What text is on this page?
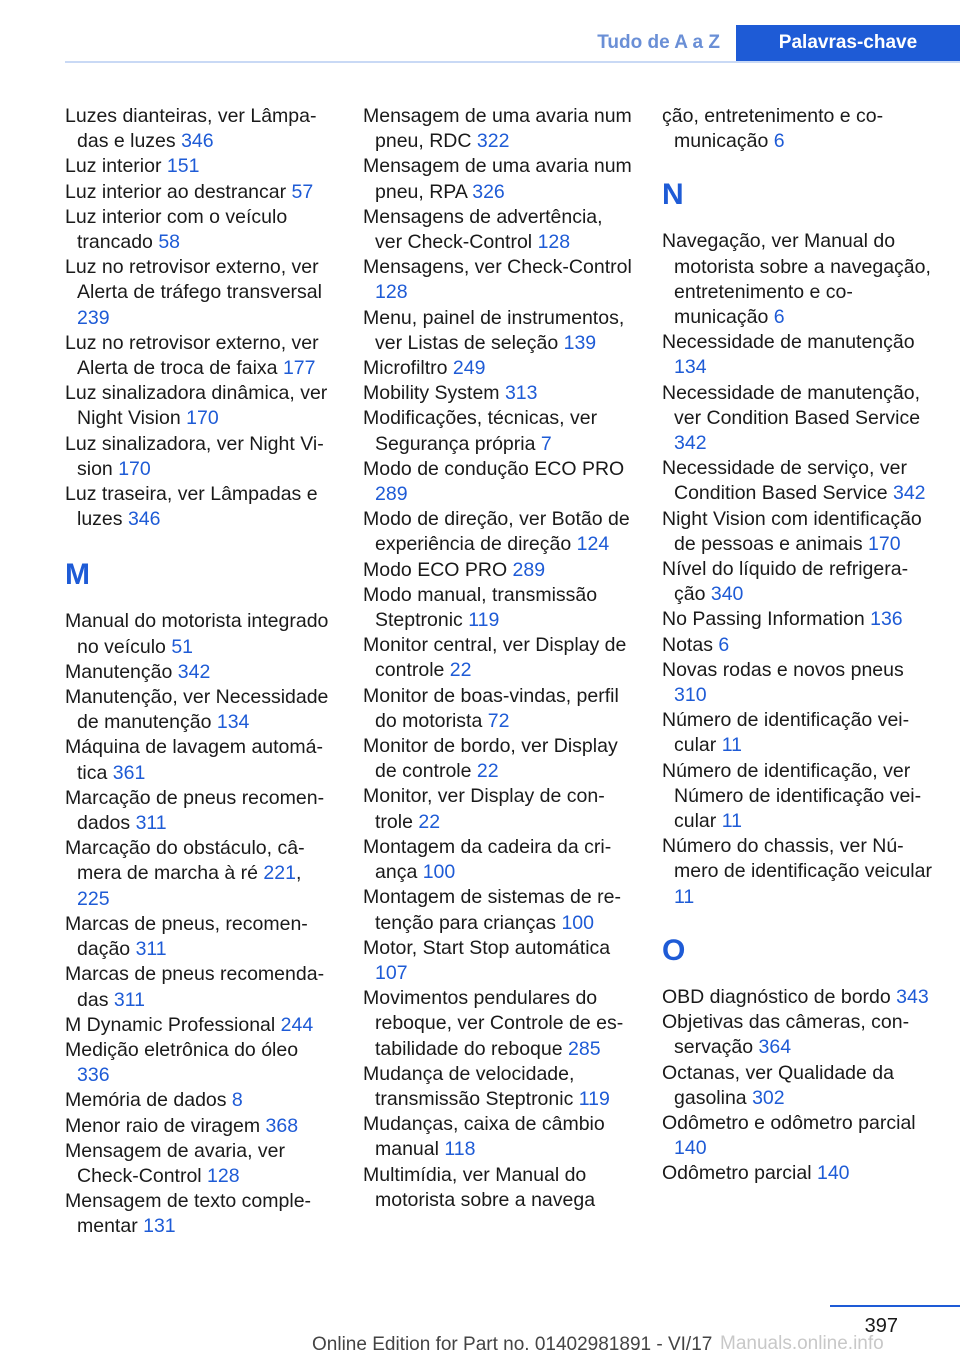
Tudo de A a Z	Palavras-chave
Luzes dianteiras, ver Lâmpadas e luzes 346
Luz interior 151
Luz interior ao destrancar 57
Luz interior com o veículo trancado 58
Luz no retrovisor externo, ver Alerta de tráfego transversal 239
Luz no retrovisor externo, ver Alerta de troca de faixa 177
Luz sinalizadora dinâmica, ver Night Vision 170
Luz sinalizadora, ver Night Vision 170
Luz traseira, ver Lâmpadas e luzes 346
M
Manual do motorista integrado no veículo 51
Manutenção 342
Manutenção, ver Necessidade de manutenção 134
Máquina de lavagem automática 361
Marcação de pneus recomendados 311
Marcação do obstáculo, câmera de marcha à ré 221, 225
Marcas de pneus, recomendação 311
Marcas de pneus recomendadas 311
M Dynamic Professional 244
Medição eletrônica do óleo 336
Memória de dados 8
Menor raio de viragem 368
Mensagem de avaria, ver Check-Control 128
Mensagem de texto complementar 131
Mensagem de uma avaria num pneu, RDC 322
Mensagem de uma avaria num pneu, RPA 326
Mensagens de advertência, ver Check-Control 128
Mensagens, ver Check-Control 128
Menu, painel de instrumentos, ver Listas de seleção 139
Microfiltro 249
Mobility System 313
Modificações, técnicas, ver Segurança própria 7
Modo de condução ECO PRO 289
Modo de direção, ver Botão de experiência de direção 124
Modo ECO PRO 289
Modo manual, transmissão Steptronic 119
Monitor central, ver Display de controle 22
Monitor de boas-vindas, perfil do motorista 72
Monitor de bordo, ver Display de controle 22
Monitor, ver Display de controle 22
Montagem da cadeira da criança 100
Montagem de sistemas de retenção para crianças 100
Motor, Start Stop automática 107
Movimentos pendulares do reboque, ver Controle de estabilidade do reboque 285
Mudança de velocidade, transmissão Steptronic 119
Mudanças, caixa de câmbio manual 118
Multimídia, ver Manual do motorista sobre a navega
ção, entretenimento e comunicação 6
N
Navegação, ver Manual do motorista sobre a navegação, entretenimento e comunicação 6
Necessidade de manutenção 134
Necessidade de manutenção, ver Condition Based Service 342
Necessidade de serviço, ver Condition Based Service 342
Night Vision com identificação de pessoas e animais 170
Nível do líquido de refrigeração 340
No Passing Information 136
Notas 6
Novas rodas e novos pneus 310
Número de identificação veicular 11
Número de identificação, ver Número de identificação veicular 11
Número do chassis, ver Número de identificação veicular 11
O
OBD diagnóstico de bordo 343
Objetivas das câmeras, conservação 364
Octanas, ver Qualidade da gasolina 302
Odômetro e odômetro parcial 140
Odômetro parcial 140
397
Online Edition for Part no. 01402981891 - VI/17 Manuals.online.info
